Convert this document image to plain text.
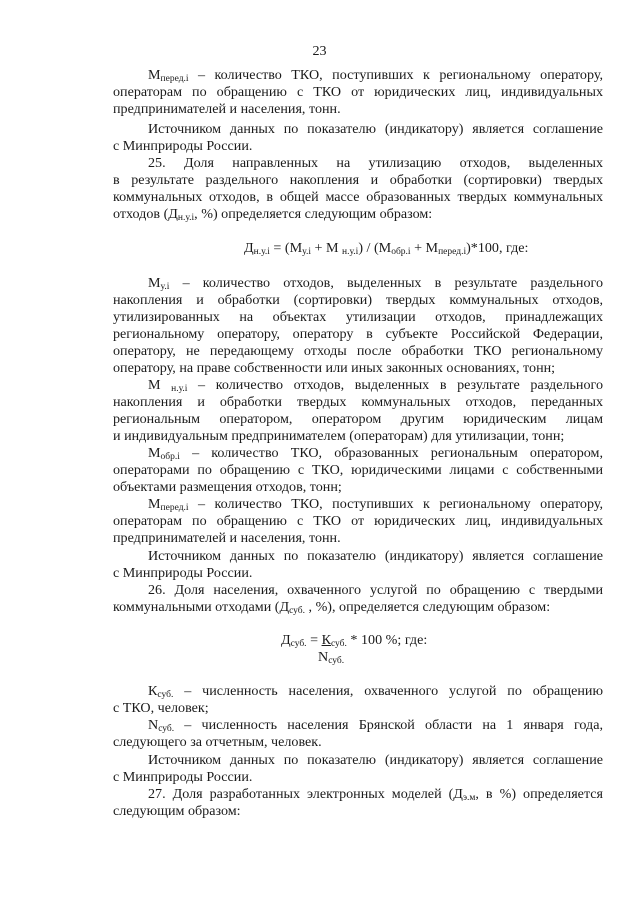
23
$М_{перед.i}$ – количество ТКО, поступивших к региональному оператору,
операторам по обращению с ТКО от юридических лиц, индивидуальных
предпринимателей и населения, тонн.
Источником данных по показателю (индикатору) является соглашение
с Минприроды России.
25. Доля направленных на утилизацию отходов, выделенных
в результате раздельного накопления и обработки (сортировки) твердых
коммунальных отходов, в общей массе образованных твердых коммунальных
отходов ($Д_{н.у.i}$, %) определяется следующим образом:
$Д_{н.у.i} = (М_{у.i} + М$ $_{н.у.i}) / (М_{обр.i} + М_{перед.i})*100$, где:
$М_{у.i}$ – количество отходов, выделенных в результате раздельного
накопления и обработки (сортировки) твердых коммунальных отходов,
утилизированных на объектах утилизации отходов, принадлежащих
региональному оператору, оператору в субъекте Российской Федерации,
оператору, не передающему отходы после обработки ТКО региональному
оператору, на праве собственности или иных законных основаниях, тонн;
М $_{н.у.i}$ – количество отходов, выделенных в результате раздельного
накопления и обработки твердых коммунальных отходов, переданных
региональным оператором, оператором другим юридическим лицам
и индивидуальным предпринимателем (операторам) для утилизации, тонн;
$М_{обр.i}$ – количество ТКО, образованных региональным оператором,
операторами по обращению с ТКО, юридическими лицами с собственными
объектами размещения отходов, тонн;
$М_{перед.i}$ – количество ТКО, поступивших к региональному оператору,
операторам по обращению с ТКО от юридических лиц, индивидуальных
предпринимателей и населения, тонн.
Источником данных по показателю (индикатору) является соглашение
с Минприроды России.
26. Доля населения, охваченного услугой по обращению с твердыми
коммунальными отходами ($Д_{суб.}$ , %), определяется следующим образом:
$Д_{суб.} = К_{суб.} * 100$ %; где:
$N_{суб.}$
$К_{суб.}$ – численность населения, охваченного услугой по обращению
с ТКО, человек;
$N_{суб.}$ – численность населения Брянской области на 1 января года,
следующего за отчетным, человек.
Источником данных по показателю (индикатору) является соглашение
с Минприроды России.
27. Доля разработанных электронных моделей ($Д_{э.м}$, в %) определяется
следующим образом:
